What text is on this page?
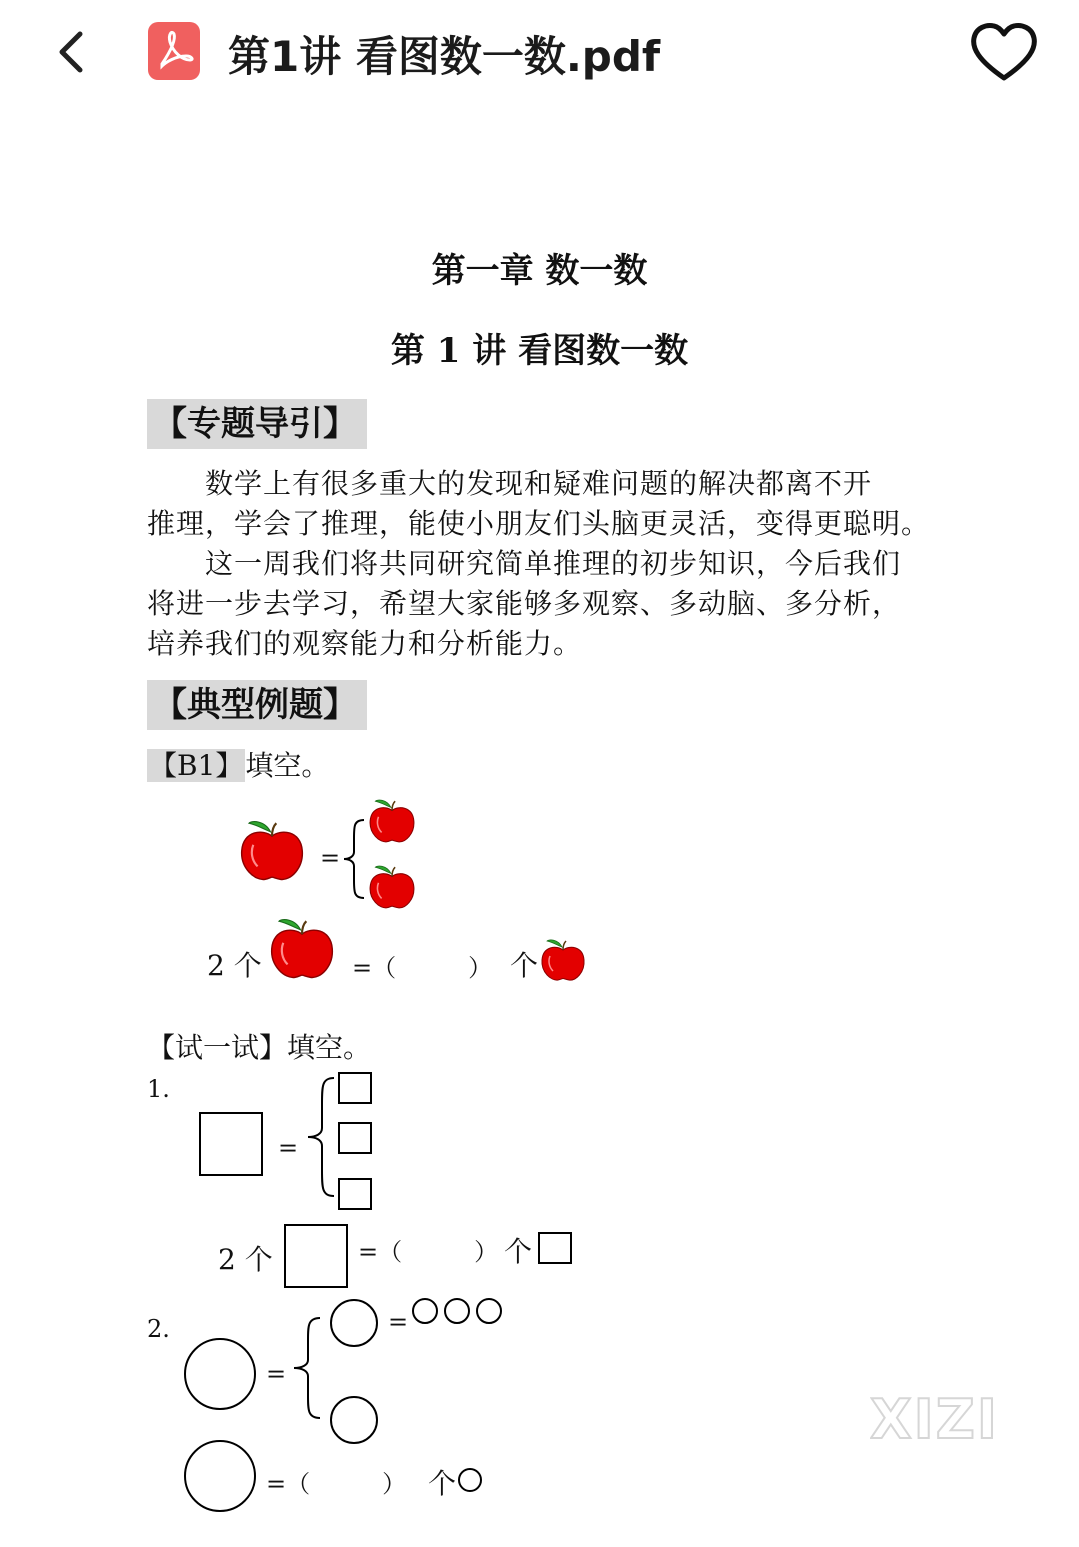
第1讲 看图数一数.pdf
第一章 数一数
第 1 讲 看图数一数
【专题导引】
　　数学上有很多重大的发现和疑难问题的解决都离不开
推理，学会了推理，能使小朋友们头脑更灵活，变得更聪明。
　　这一周我们将共同研究简单推理的初步知识，今后我们
将进一步去学习，希望大家能够多观察、多动脑、多分析，
培养我们的观察能力和分析能力。
【典型例题】
【B1】填空。
=
2 个	=（　　　） 个
【试一试】填空。
1.
=
2 个	=（　　　） 个
2.
=
=
=（　　　） 个
XIZI
